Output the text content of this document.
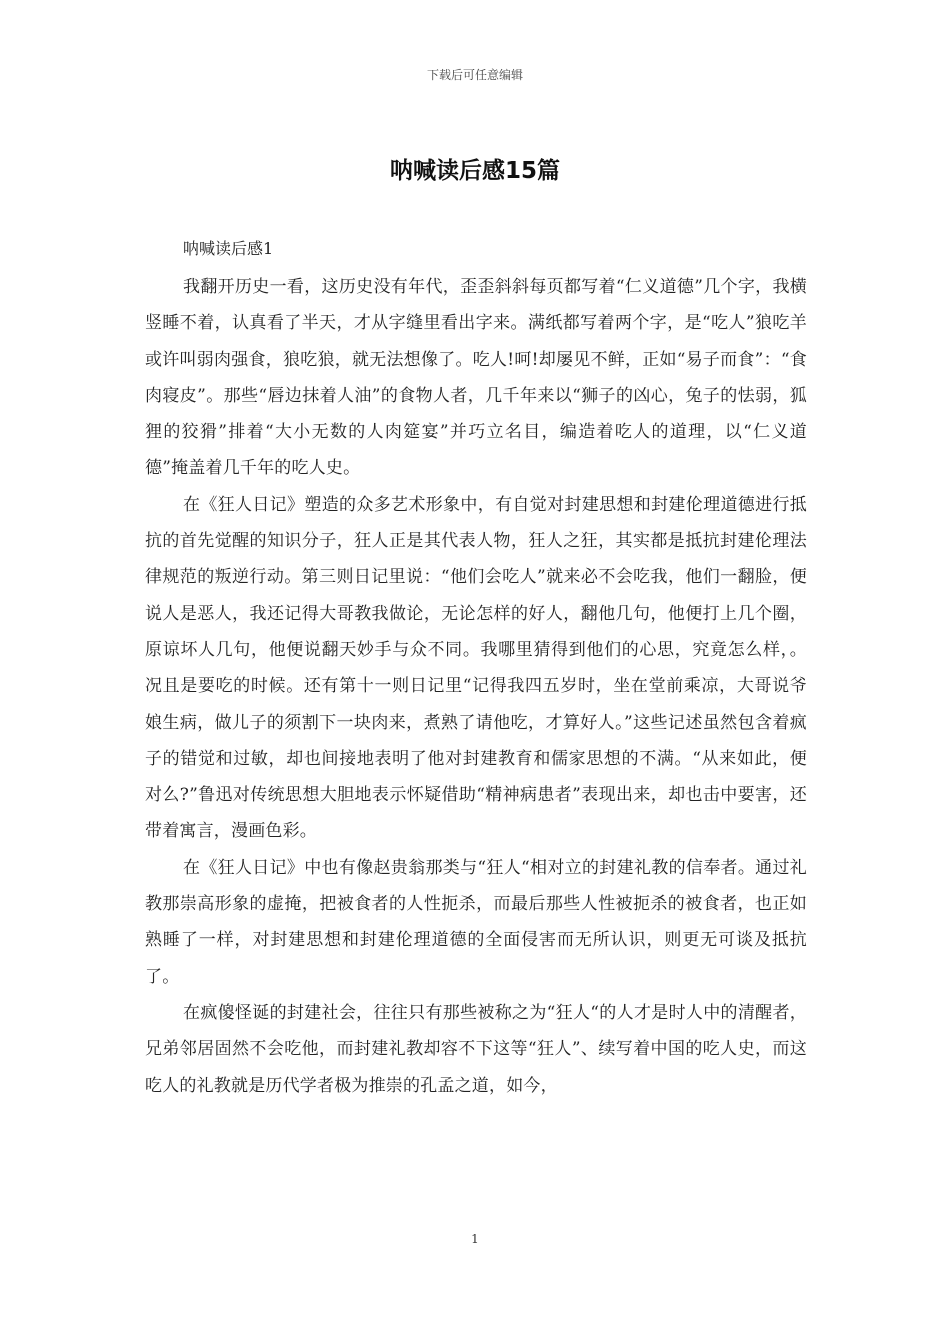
下载后可任意编辑
呐喊读后感15篇
呐喊读后感1

我翻开历史一看，这历史没有年代，歪歪斜斜每页都写着“仁义道德”几个字，我横竖睡不着，认真看了半天，才从字缝里看出字来。满纸都写着两个字，是“吃人”狼吃羊或许叫弱肉强食，狼吃狼，就无法想像了。吃人!呵!却屡见不鲜，正如“易子而食”：“食肉寝皮”。那些“唇边抹着人油”的食物人者，几千年来以“狮子的凶心，兔子的怯弱，狐狸的狡猾”排着“大小无数的人肉筵宴”并巧立名目，编造着吃人的道理，以“仁义道德”掩盖着几千年的吃人史。

在《狂人日记》塑造的众多艺术形象中，有自觉对封建思想和封建伦理道德进行抵抗的首先觉醒的知识分子，狂人正是其代表人物，狂人之狂，其实都是抵抗封建伦理法律规范的叛逆行动。第三则日记里说：“他们会吃人”就来必不会吃我，他们一翻脸，便说人是恶人，我还记得大哥教我做论，无论怎样的好人，翻他几句，他便打上几个圈，原谅坏人几句，他便说翻天妙手与众不同。我哪里猜得到他们的心思，究竟怎么样，。况且是要吃的时候。还有第十一则日记里“记得我四五岁时，坐在堂前乘凉，大哥说爷娘生病，做儿子的须割下一块肉来，煮熟了请他吃，才算好人。”这些记述虽然包含着疯子的错觉和过敏，却也间接地表明了他对封建教育和儒家思想的不满。“从来如此，便对么?”鲁迅对传统思想大胆地表示怀疑借助“精神病患者”表现出来，却也击中要害，还带着寓言，漫画色彩。

在《狂人日记》中也有像赵贵翁那类与“狂人“相对立的封建礼教的信奉者。通过礼教那崇高形象的虚掩，把被食者的人性扼杀，而最后那些人性被扼杀的被食者，也正如熟睡了一样，对封建思想和封建伦理道德的全面侵害而无所认识，则更无可谈及抵抗了。

在疯傻怪诞的封建社会，往往只有那些被称之为“狂人“的人才是时人中的清醒者，兄弟邻居固然不会吃他，而封建礼教却容不下这等“狂人”、续写着中国的吃人史，而这吃人的礼教就是历代学者极为推崇的孔孟之道，如今，

1
